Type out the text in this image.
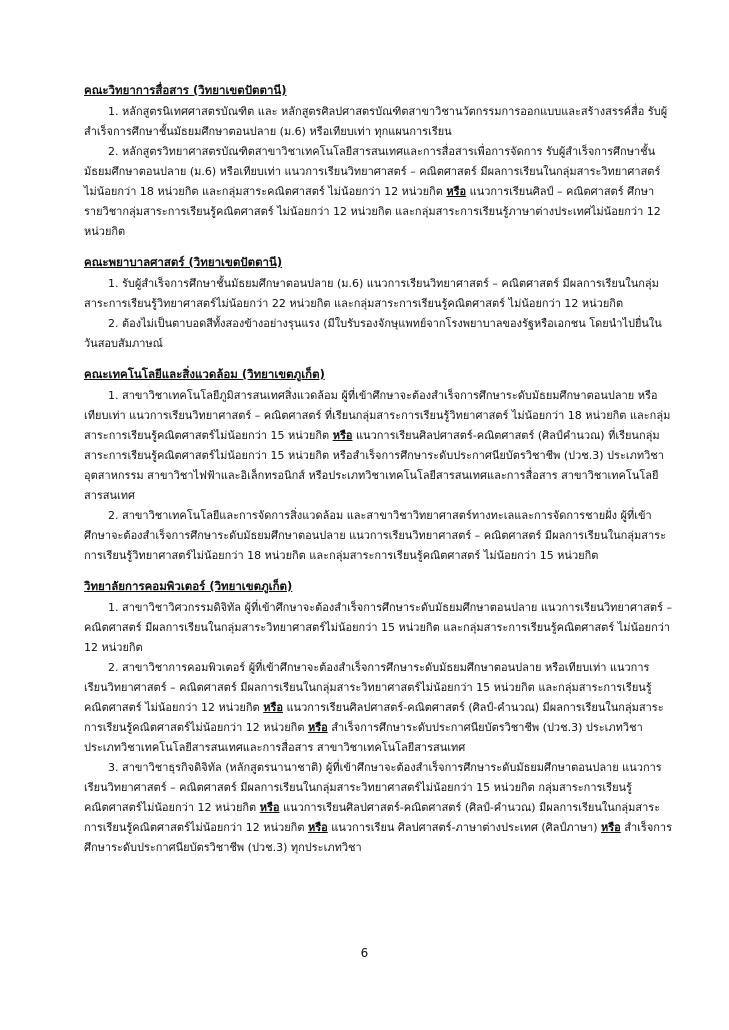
คณะวิทยาการสื่อสาร (วิทยาเขตปัตตานี)

1. หลักสูตรนิเทศศาสตรบัณฑิต และ หลักสูตรศิลปศาสตรบัณฑิตสาขาวิชานวัตกรรมการออกแบบและสร้างสรรค์สื่อ รับผู้สำเร็จการศึกษาชั้นมัธยมศึกษาตอนปลาย (ม.6) หรือเทียบเท่า ทุกแผนการเรียน

2. หลักสูตรวิทยาศาสตรบัณฑิตสาขาวิชาเทคโนโลยีสารสนเทศและการสื่อสารเพื่อการจัดการ รับผู้สำเร็จการศึกษาชั้นมัธยมศึกษาตอนปลาย (ม.6) หรือเทียบเท่า แนวการเรียนวิทยาศาสตร์ – คณิตศาสตร์ มีผลการเรียนในกลุ่มสาระวิทยาศาสตร์ไม่น้อยกว่า 18 หน่วยกิต และกลุ่มสาระคณิตศาสตร์ ไม่น้อยกว่า 12 หน่วยกิต หรือ แนวการเรียนศิลป์ – คณิตศาสตร์ ศึกษารายวิชากลุ่มสาระการเรียนรู้คณิตศาสตร์ ไม่น้อยกว่า 12 หน่วยกิต และกลุ่มสาระการเรียนรู้ภาษาต่างประเทศไม่น้อยกว่า 12 หน่วยกิต

คณะพยาบาลศาสตร์ (วิทยาเขตปัตตานี)

1. รับผู้สำเร็จการศึกษาชั้นมัธยมศึกษาตอนปลาย (ม.6) แนวการเรียนวิทยาศาสตร์ – คณิตศาสตร์ มีผลการเรียนในกลุ่มสาระการเรียนรู้วิทยาศาสตร์ไม่น้อยกว่า 22 หน่วยกิต และกลุ่มสาระการเรียนรู้คณิตศาสตร์ ไม่น้อยกว่า 12 หน่วยกิต

2. ต้องไม่เป็นตาบอดสีทั้งสองข้างอย่างรุนแรง (มีใบรับรองจักษุแพทย์จากโรงพยาบาลของรัฐหรือเอกชน โดยนำไปยื่นในวันสอบสัมภาษณ์

คณะเทคโนโลยีและสิ่งแวดล้อม (วิทยาเขตภูเก็ต)

1. สาขาวิชาเทคโนโลยีภูมิสารสนเทศสิ่งแวดล้อม ผู้ที่เข้าศึกษาจะต้องสำเร็จการศึกษาระดับมัธยมศึกษาตอนปลาย หรือเทียบเท่า แนวการเรียนวิทยาศาสตร์ – คณิตศาสตร์ ที่เรียนกลุ่มสาระการเรียนรู้วิทยาศาสตร์ ไม่น้อยกว่า 18 หน่วยกิต และกลุ่มสาระการเรียนรู้คณิตศาสตร์ไม่น้อยกว่า 15 หน่วยกิต หรือ แนวการเรียนศิลปศาสตร์-คณิตศาสตร์ (ศิลป์คำนวณ) ที่เรียนกลุ่มสาระการเรียนรู้คณิตศาสตร์ไม่น้อยกว่า 15 หน่วยกิต หรือสำเร็จการศึกษาระดับประกาศนียบัตรวิชาชีพ (ปวช.3) ประเภทวิชาอุตสาหกรรม สาขาวิชาไฟฟ้าและอิเล็กทรอนิกส์ หรือประเภทวิชาเทคโนโลยีสารสนเทศและการสื่อสาร สาขาวิชาเทคโนโลยีสารสนเทศ

2. สาขาวิชาเทคโนโลยีและการจัดการสิ่งแวดล้อม และสาขาวิชาวิทยาศาสตร์ทางทะเลและการจัดการชายฝั่ง ผู้ที่เข้าศึกษาจะต้องสำเร็จการศึกษาระดับมัธยมศึกษาตอนปลาย แนวการเรียนวิทยาศาสตร์ – คณิตศาสตร์ มีผลการเรียนในกลุ่มสาระการเรียนรู้วิทยาศาสตร์ไม่น้อยกว่า 18 หน่วยกิต และกลุ่มสาระการเรียนรู้คณิตศาสตร์ ไม่น้อยกว่า 15 หน่วยกิต

วิทยาลัยการคอมพิวเตอร์ (วิทยาเขตภูเก็ต)

1. สาขาวิชาวิศวกรรมดิจิทัล ผู้ที่เข้าศึกษาจะต้องสำเร็จการศึกษาระดับมัธยมศึกษาตอนปลาย แนวการเรียนวิทยาศาสตร์ – คณิตศาสตร์ มีผลการเรียนในกลุ่มสาระวิทยาศาสตร์ไม่น้อยกว่า 15 หน่วยกิต และกลุ่มสาระการเรียนรู้คณิตศาสตร์ ไม่น้อยกว่า 12 หน่วยกิต

2. สาขาวิชาการคอมพิวเตอร์ ผู้ที่เข้าศึกษาจะต้องสำเร็จการศึกษาระดับมัธยมศึกษาตอนปลาย หรือเทียบเท่า แนวการเรียนวิทยาศาสตร์ – คณิตศาสตร์ มีผลการเรียนในกลุ่มสาระวิทยาศาสตร์ไม่น้อยกว่า 15 หน่วยกิต และกลุ่มสาระการเรียนรู้คณิตศาสตร์ ไม่น้อยกว่า 12 หน่วยกิต หรือ แนวการเรียนศิลปศาสตร์-คณิตศาสตร์ (ศิลป์-คำนวณ) มีผลการเรียนในกลุ่มสาระการเรียนรู้คณิตศาสตร์ไม่น้อยกว่า 12 หน่วยกิต หรือ สำเร็จการศึกษาระดับประกาศนียบัตรวิชาชีพ (ปวช.3) ประเภทวิชาประเภทวิชาเทคโนโลยีสารสนเทศและการสื่อสาร สาขาวิชาเทคโนโลยีสารสนเทศ

3. สาขาวิชาธุรกิจดิจิทัล (หลักสูตรนานาชาติ) ผู้ที่เข้าศึกษาจะต้องสำเร็จการศึกษาระดับมัธยมศึกษาตอนปลาย แนวการเรียนวิทยาศาสตร์ – คณิตศาสตร์ มีผลการเรียนในกลุ่มสาระวิทยาศาสตร์ไม่น้อยกว่า 15 หน่วยกิต กลุ่มสาระการเรียนรู้คณิตศาสตร์ไม่น้อยกว่า 12 หน่วยกิต หรือ แนวการเรียนศิลปศาสตร์-คณิตศาสตร์ (ศิลป์-คำนวณ) มีผลการเรียนในกลุ่มสาระการเรียนรู้คณิตศาสตร์ไม่น้อยกว่า 12 หน่วยกิต หรือ แนวการเรียน ศิลปศาสตร์-ภาษาต่างประเทศ (ศิลป์ภาษา) หรือ สำเร็จการศึกษาระดับประกาศนียบัตรวิชาชีพ (ปวช.3) ทุกประเภทวิชา

6
